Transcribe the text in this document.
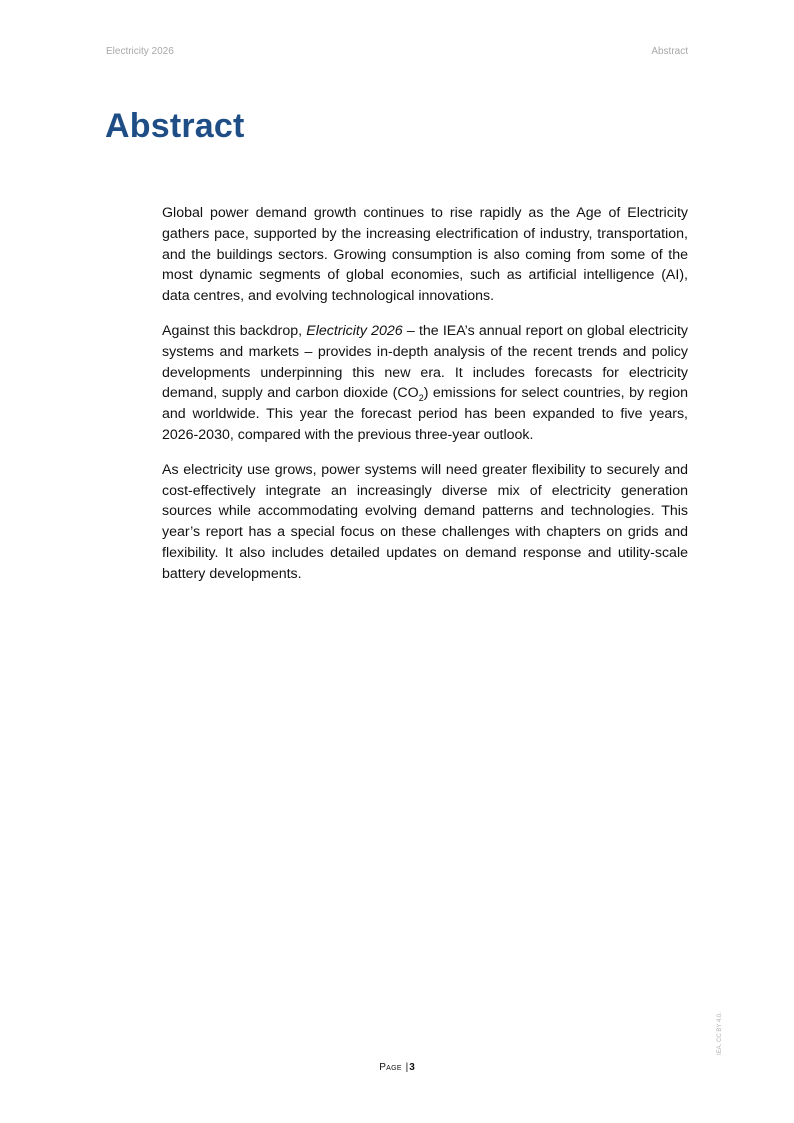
Electricity 2026	Abstract
Abstract

Global power demand growth continues to rise rapidly as the Age of Electricity gathers pace, supported by the increasing electrification of industry, transportation, and the buildings sectors. Growing consumption is also coming from some of the most dynamic segments of global economies, such as artificial intelligence (AI), data centres, and evolving technological innovations.

Against this backdrop, Electricity 2026 – the IEA’s annual report on global electricity systems and markets – provides in-depth analysis of the recent trends and policy developments underpinning this new era. It includes forecasts for electricity demand, supply and carbon dioxide $(CO_2)$ emissions for select countries, by region and worldwide. This year the forecast period has been expanded to five years, 2026-2030, compared with the previous three-year outlook.

As electricity use grows, power systems will need greater flexibility to securely and cost-effectively integrate an increasingly diverse mix of electricity generation sources while accommodating evolving demand patterns and technologies. This year’s report has a special focus on these challenges with chapters on grids and flexibility. It also includes detailed updates on demand response and utility-scale battery developments.

Page |3
IEA. CC BY 4.0.
